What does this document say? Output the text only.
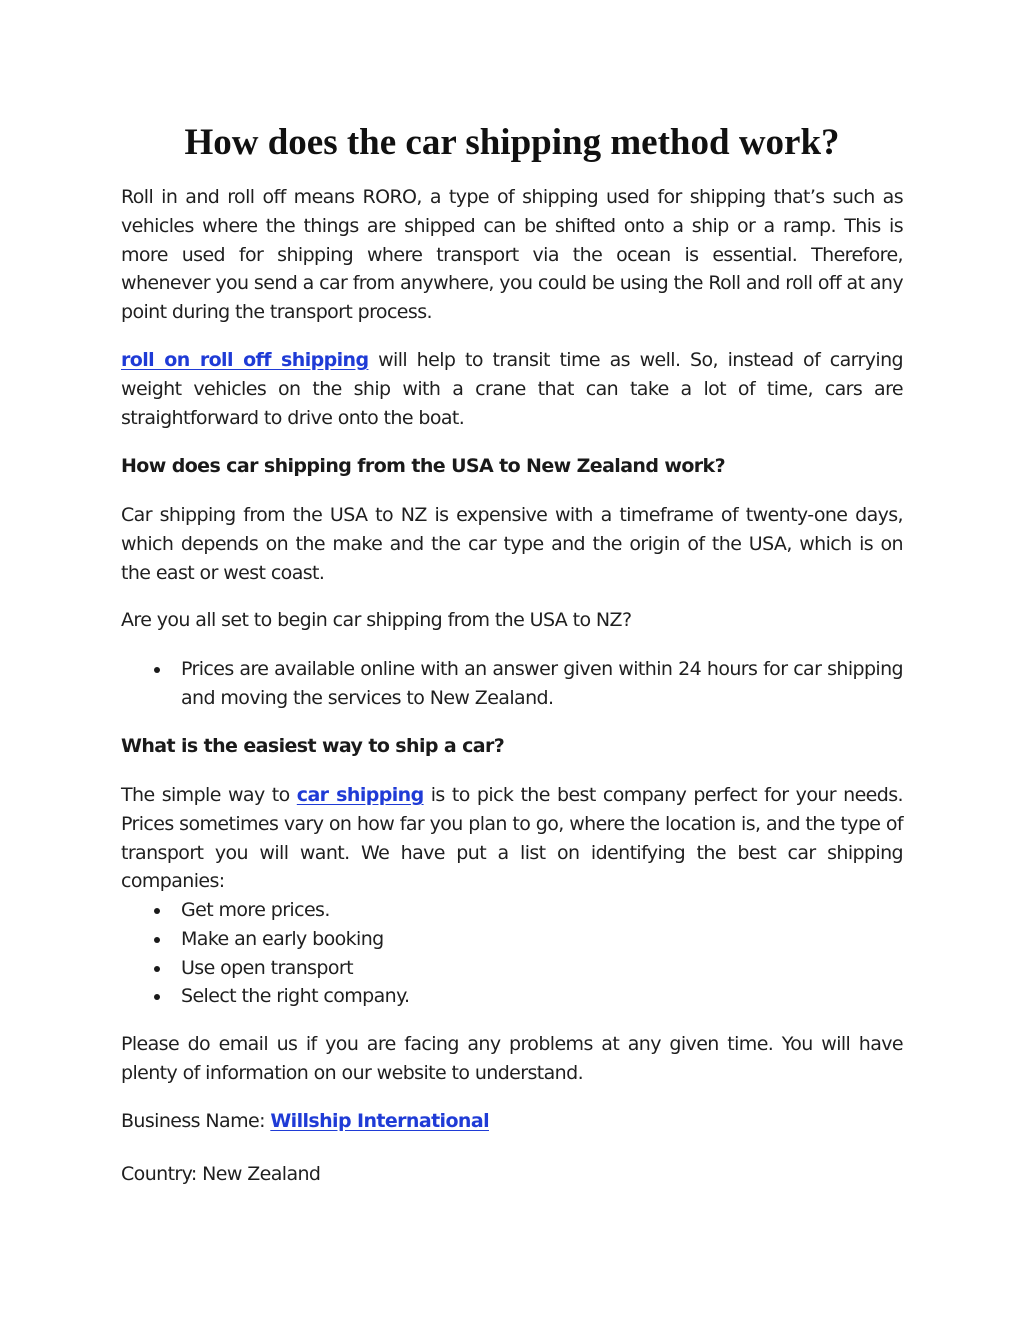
How does the car shipping method work?

Roll in and roll off means RORO, a type of shipping used for shipping that’s such as vehicles where the things are shipped can be shifted onto a ship or a ramp. This is more used for shipping where transport via the ocean is essential. Therefore, whenever you send a car from anywhere, you could be using the Roll and roll off at any point during the transport process.

roll on roll off shipping will help to transit time as well. So, instead of carrying weight vehicles on the ship with a crane that can take a lot of time, cars are straightforward to drive onto the boat.

How does car shipping from the USA to New Zealand work?

Car shipping from the USA to NZ is expensive with a timeframe of twenty-one days, which depends on the make and the car type and the origin of the USA, which is on the east or west coast.

Are you all set to begin car shipping from the USA to NZ?

Prices are available online with an answer given within 24 hours for car shipping and moving the services to New Zealand.

What is the easiest way to ship a car?

The simple way to car shipping is to pick the best company perfect for your needs. Prices sometimes vary on how far you plan to go, where the location is, and the type of transport you will want. We have put a list on identifying the best car shipping companies:

Get more prices.
Make an early booking
Use open transport
Select the right company.

Please do email us if you are facing any problems at any given time. You will have plenty of information on our website to understand.

Business Name: Willship International

Country: New Zealand
